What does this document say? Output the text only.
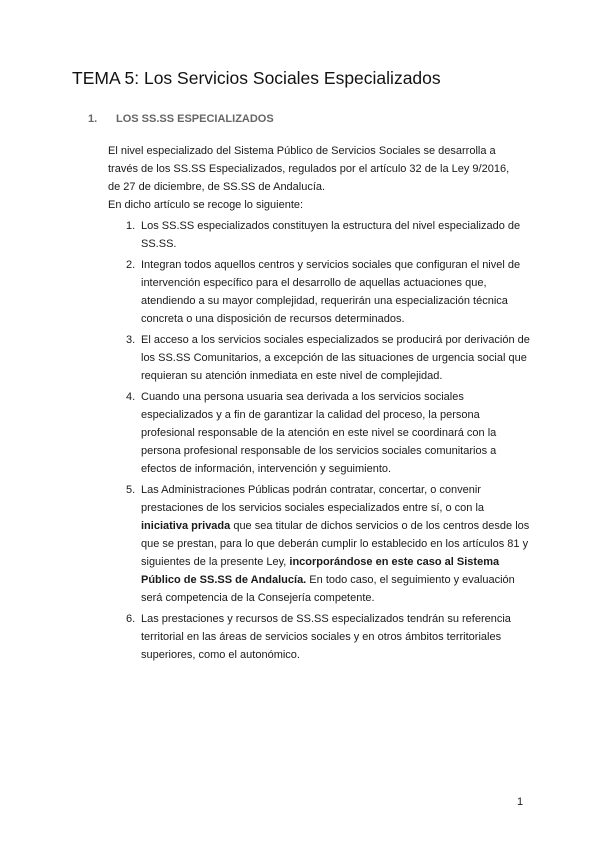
TEMA 5: Los Servicios Sociales Especializados
1. LOS SS.SS ESPECIALIZADOS

El nivel especializado del Sistema Público de Servicios Sociales se desarrolla a
través de los SS.SS Especializados, regulados por el artículo 32 de la Ley 9/2016,
de 27 de diciembre, de SS.SS de Andalucía.
En dicho artículo se recoge lo siguiente:

1. Los SS.SS especializados constituyen la estructura del nivel especializado de SS.SS.
2. Integran todos aquellos centros y servicios sociales que configuran el nivel de intervención específico para el desarrollo de aquellas actuaciones que, atendiendo a su mayor complejidad, requerirán una especialización técnica concreta o una disposición de recursos determinados.
3. El acceso a los servicios sociales especializados se producirá por derivación de los SS.SS Comunitarios, a excepción de las situaciones de urgencia social que requieran su atención inmediata en este nivel de complejidad.
4. Cuando una persona usuaria sea derivada a los servicios sociales especializados y a fin de garantizar la calidad del proceso, la persona profesional responsable de la atención en este nivel se coordinará con la persona profesional responsable de los servicios sociales comunitarios a efectos de información, intervención y seguimiento.
5. Las Administraciones Públicas podrán contratar, concertar, o convenir prestaciones de los servicios sociales especializados entre sí, o con la iniciativa privada que sea titular de dichos servicios o de los centros desde los que se prestan, para lo que deberán cumplir lo establecido en los artículos 81 y siguientes de la presente Ley, incorporándose en este caso al Sistema Público de SS.SS de Andalucía. En todo caso, el seguimiento y evaluación será competencia de la Consejería competente.
6. Las prestaciones y recursos de SS.SS especializados tendrán su referencia territorial en las áreas de servicios sociales y en otros ámbitos territoriales superiores, como el autonómico.
1
